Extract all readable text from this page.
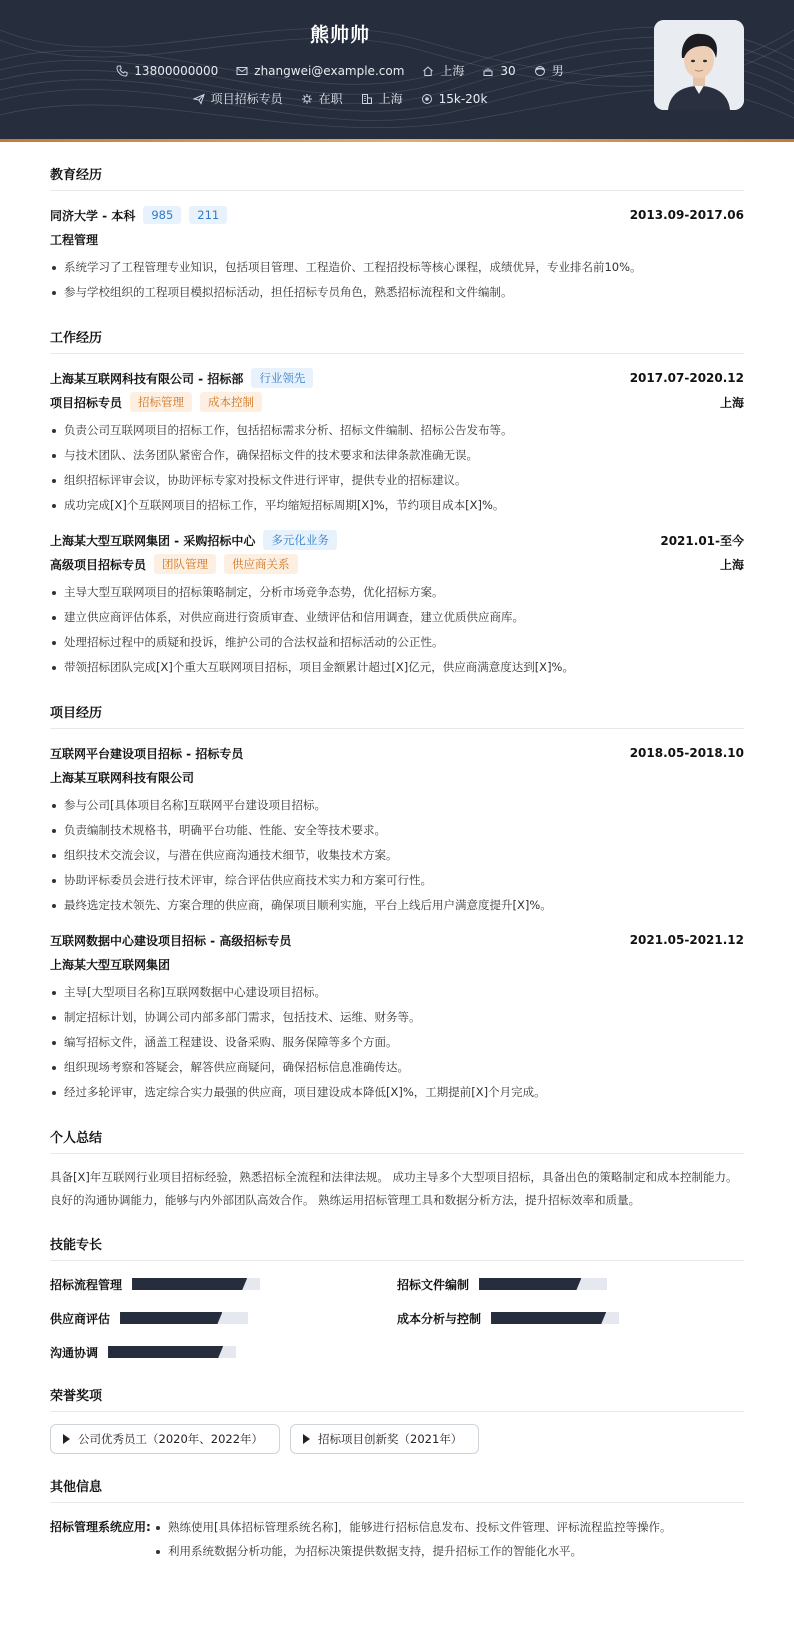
熊帅帅
13800000000	zhangwei@example.com	上海	30	男
项目招标专员	在职	上海	15k-20k
教育经历
同济大学 - 本科	985	211	2013.09-2017.06
工程管理
系统学习了工程管理专业知识，包括项目管理、工程造价、工程招投标等核心课程，成绩优异，专业排名前10%。
参与学校组织的工程项目模拟招标活动，担任招标专员角色，熟悉招标流程和文件编制。
工作经历
上海某互联网科技有限公司 - 招标部	行业领先	2017.07-2020.12
项目招标专员	招标管理	成本控制	上海
负责公司互联网项目的招标工作，包括招标需求分析、招标文件编制、招标公告发布等。
与技术团队、法务团队紧密合作，确保招标文件的技术要求和法律条款准确无误。
组织招标评审会议，协助评标专家对投标文件进行评审，提供专业的招标建议。
成功完成[X]个互联网项目的招标工作，平均缩短招标周期[X]%，节约项目成本[X]%。
上海某大型互联网集团 - 采购招标中心	多元化业务	2021.01-至今
高级项目招标专员	团队管理	供应商关系	上海
主导大型互联网项目的招标策略制定，分析市场竞争态势，优化招标方案。
建立供应商评估体系，对供应商进行资质审查、业绩评估和信用调查，建立优质供应商库。
处理招标过程中的质疑和投诉，维护公司的合法权益和招标活动的公正性。
带领招标团队完成[X]个重大互联网项目招标，项目金额累计超过[X]亿元，供应商满意度达到[X]%。
项目经历
互联网平台建设项目招标 - 招标专员	2018.05-2018.10
上海某互联网科技有限公司
参与公司[具体项目名称]互联网平台建设项目招标。
负责编制技术规格书，明确平台功能、性能、安全等技术要求。
组织技术交流会议，与潜在供应商沟通技术细节，收集技术方案。
协助评标委员会进行技术评审，综合评估供应商技术实力和方案可行性。
最终选定技术领先、方案合理的供应商，确保项目顺利实施，平台上线后用户满意度提升[X]%。
互联网数据中心建设项目招标 - 高级招标专员	2021.05-2021.12
上海某大型互联网集团
主导[大型项目名称]互联网数据中心建设项目招标。
制定招标计划，协调公司内部多部门需求，包括技术、运维、财务等。
编写招标文件，涵盖工程建设、设备采购、服务保障等多个方面。
组织现场考察和答疑会，解答供应商疑问，确保招标信息准确传达。
经过多轮评审，选定综合实力最强的供应商，项目建设成本降低[X]%，工期提前[X]个月完成。
个人总结
具备[X]年互联网行业项目招标经验，熟悉招标全流程和法律法规。 成功主导多个大型项目招标，具备出色的策略制定和成本控制能力。 良好的沟通协调能力，能够与内外部团队高效合作。 熟练运用招标管理工具和数据分析方法，提升招标效率和质量。
技能专长
招标流程管理	招标文件编制
供应商评估	成本分析与控制
沟通协调
荣誉奖项
公司优秀员工（2020年、2022年）	招标项目创新奖（2021年）
其他信息
招标管理系统应用:	熟练使用[具体招标管理系统名称]，能够进行招标信息发布、投标文件管理、评标流程监控等操作。
利用系统数据分析功能，为招标决策提供数据支持，提升招标工作的智能化水平。
